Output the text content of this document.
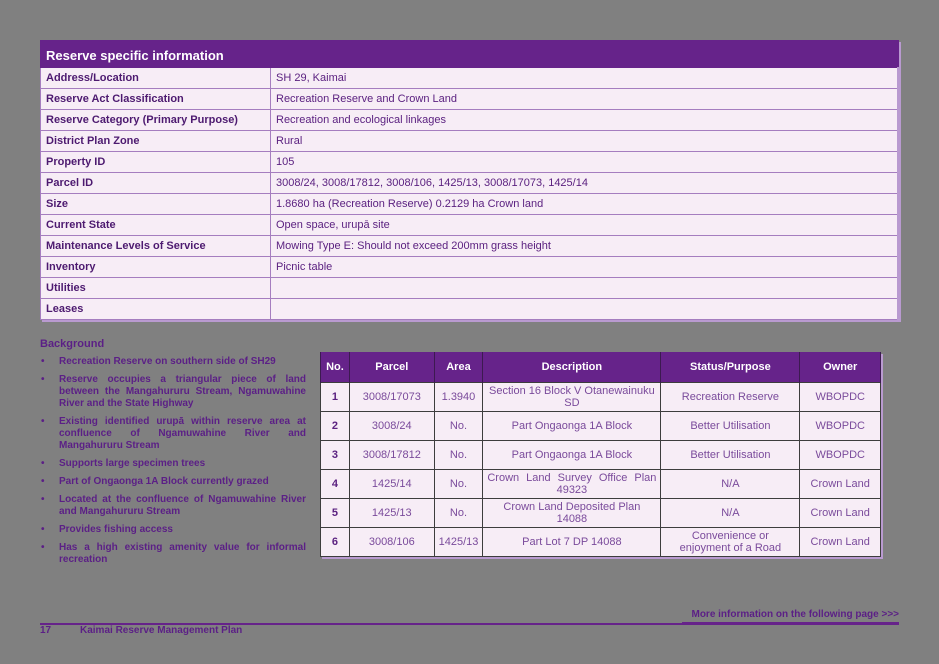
Reserve specific information	
Address/Location	SH 29, Kaimai
Reserve Act Classification	Recreation Reserve and Crown Land
Reserve Category (Primary Purpose)	Recreation and ecological linkages
District Plan Zone	Rural
Property ID	105
Parcel ID	3008/24, 3008/17812, 3008/106, 1425/13, 3008/17073, 1425/14
Size	1.8680 ha (Recreation Reserve) 0.2129 ha Crown land
Current State	Open space, urupā site
Maintenance Levels of Service	Mowing Type E: Should not exceed 200mm grass height
Inventory	Picnic table
Utilities	
Leases	
Background
• Recreation Reserve on southern side of SH29
• Reserve occupies a triangular piece of land between the Mangahururu Stream, Ngamuwahine River and the State Highway
• Existing identified urupā within reserve area at confluence of Ngamuwahine River and Mangahururu Stream
• Supports large specimen trees
• Part of Ongaonga 1A Block currently grazed
• Located at the confluence of Ngamuwahine River and Mangahururu Stream
• Provides fishing access
• Has a high existing amenity value for informal recreation
No.	Parcel	Area	Description	Status/Purpose	Owner
1	3008/17073	1.3940	Section 16 Block V Otanewainuku SD	Recreation Reserve	WBOPDC
2	3008/24	No.	Part Ongaonga 1A Block	Better Utilisation	WBOPDC
3	3008/17812	No.	Part Ongaonga 1A Block	Better Utilisation	WBOPDC
4	1425/14	No.	Crown Land Survey Office Plan 49323	N/A	Crown Land
5	1425/13	No.	Crown Land Deposited Plan 14088	N/A	Crown Land
6	3008/106	1425/13	Part Lot 7 DP 14088	Convenience or enjoyment of a Road	Crown Land
More information on the following page >>>
17	Kaimai Reserve Management Plan
